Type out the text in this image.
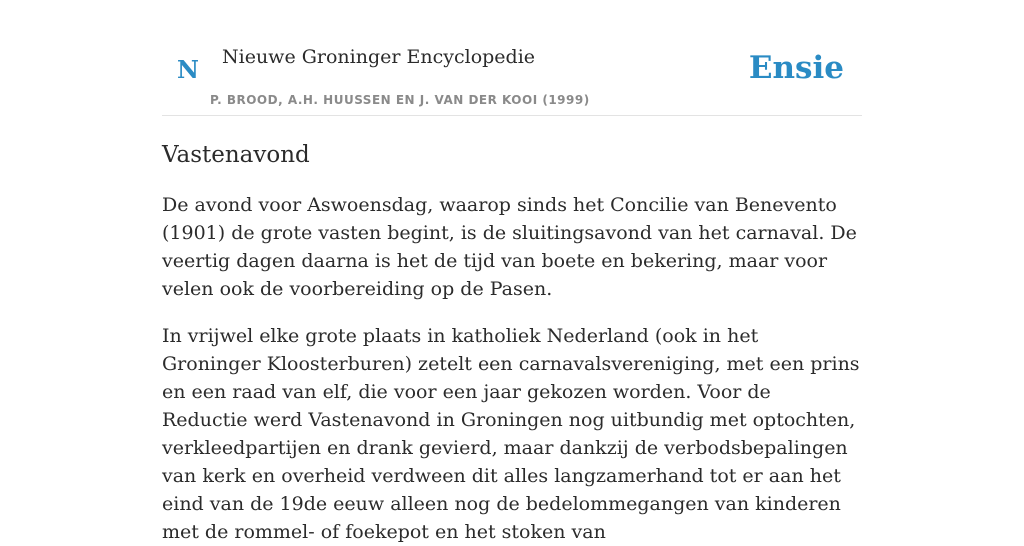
N Nieuwe Groninger Encyclopedie
P. BROOD, A.H. HUUSSEN EN J. VAN DER KOOI (1999)
Ensie
Vastenavond

De avond voor Aswoensdag, waarop sinds het Concilie van Benevento (1901) de grote vasten begint, is de sluitingsavond van het carnaval. De veertig dagen daarna is het de tijd van boete en bekering, maar voor velen ook de voorbereiding op de Pasen.

In vrijwel elke grote plaats in katholiek Nederland (ook in het Groninger Kloosterburen) zetelt een carnavalsvereniging, met een prins en een raad van elf, die voor een jaar gekozen worden. Voor de Reductie werd Vastenavond in Groningen nog uitbundig met optochten, verkleedpartijen en drank gevierd, maar dankzij de verbodsbepalingen van kerk en overheid verdween dit alles langzamerhand tot er aan het eind van de 19de eeuw alleen nog de bedelommegangen van kinderen met de rommel- of foekepot en het stoken van
